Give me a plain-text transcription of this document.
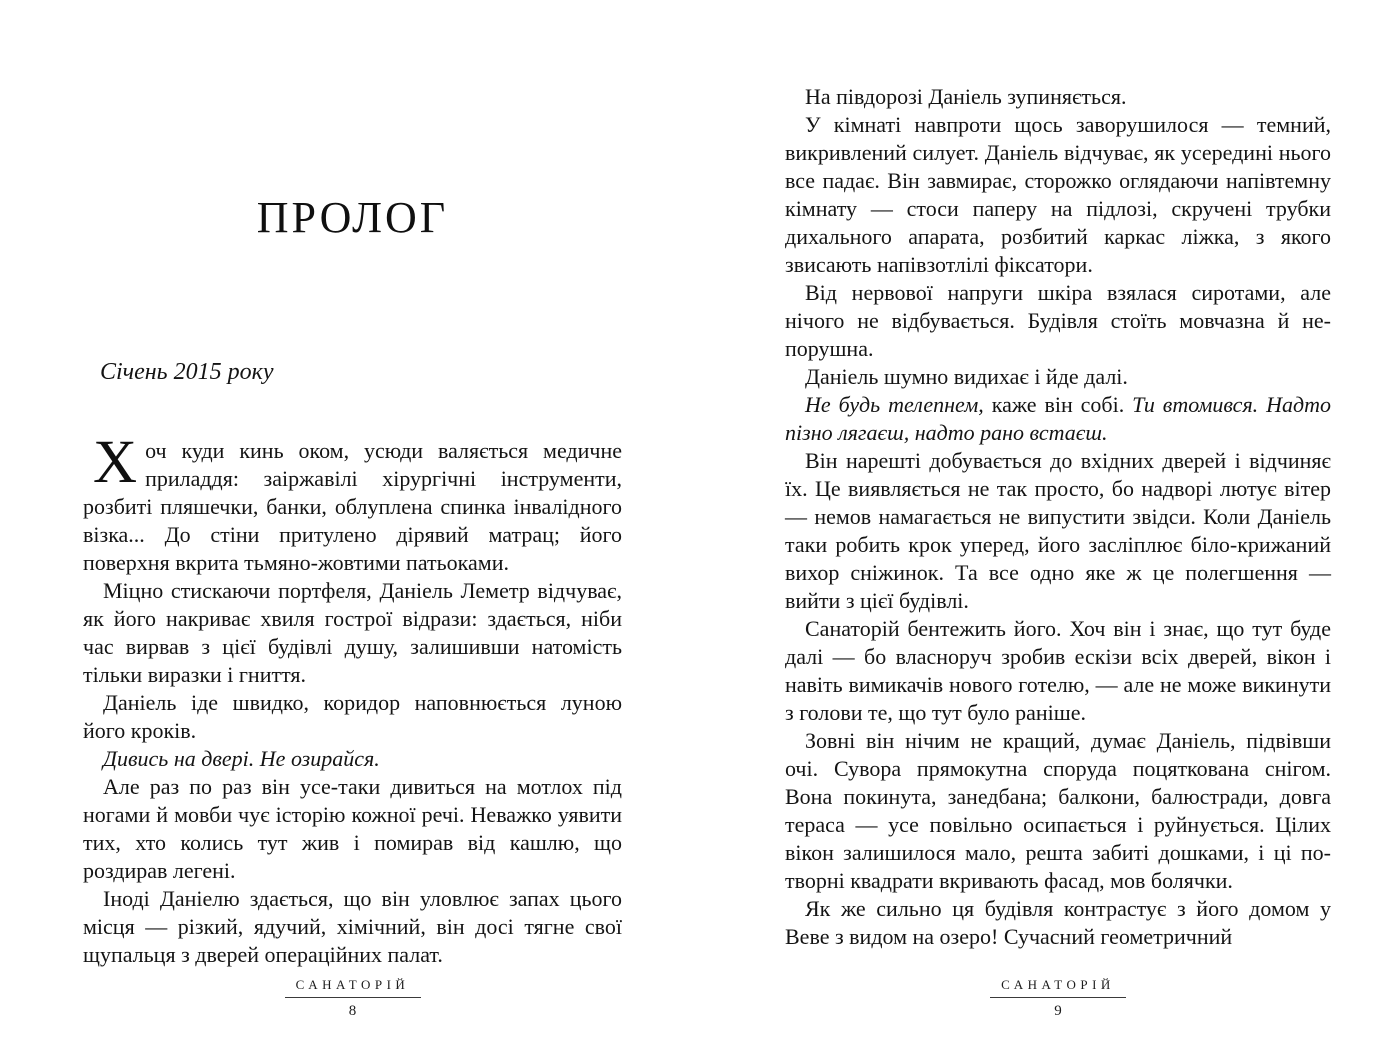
ПРОЛОГ
Січень 2015 року

Хоч куди кинь оком, усюди валяється медичне приладдя: заіржавілі хірургічні інструменти, розбиті пляшечки, банки, облуплена спинка інвалідного візка... До стіни притулено дірявий матрац; його поверхня вкрита тьмяно-жовтими патьоками.

Міцно стискаючи портфеля, Даніель Леметр відчуває, як його накриває хвиля гострої відрази: здається, ніби час вирвав з цієї будівлі душу, залишивши натомість тільки виразки і гниття.

Даніель іде швидко, коридор наповнюється луною його кроків.

Дивись на двері. Не озирайся.

Але раз по раз він усе-таки дивиться на мотлох під ногами й мовби чує історію кожної речі. Неважко уявити тих, хто колись тут жив і помирав від кашлю, що роздирав легені.

Іноді Даніелю здається, що він уловлює запах цього місця — різкий, ядучий, хімічний, він досі тягне свої щупальця з дверей операційних палат.

САНАТОРІЙ
8

На півдорозі Даніель зупиняється.

У кімнаті навпроти щось заворушилося — темний, викривлений силует. Даніель відчуває, як усередині нього все падає. Він завмирає, сторожко оглядаючи напівтемну кімнату — стоси паперу на підлозі, скручені трубки дихального апарата, розбитий каркас ліжка, з якого звисають напівзотлілі фіксатори.

Від нервової напруги шкіра взялася сиротами, але нічого не відбувається. Будівля стоїть мовчазна й непорушна.

Даніель шумно видихає і йде далі.

Не будь телепнем, каже він собі. Ти втомився. Надто пізно лягаєш, надто рано встаєш.

Він нарешті добувається до вхідних дверей і відчиняє їх. Це виявляється не так просто, бо надворі лютує вітер — немов намагається не випустити звідси. Коли Даніель таки робить крок уперед, його засліплює біло-крижаний вихор сніжинок. Та все одно яке ж це полегшення — вийти з цієї будівлі.

Санаторій бентежить його. Хоч він і знає, що тут буде далі — бо власноруч зробив ескізи всіх дверей, вікон і навіть вимикачів нового готелю, — але не може викинути з голови те, що тут було раніше.

Зовні він нічим не кращий, думає Даніель, підвівши очі. Сувора прямокутна споруда поцяткована снігом. Вона покинута, занедбана; балкони, балюстради, довга тераса — усе повільно осипається і руйнується. Цілих вікон залишилося мало, решта забиті дошками, і ці потворні квадрати вкривають фасад, мов болячки.

Як же сильно ця будівля контрастує з його домом у Веве з видом на озеро! Сучасний геометричний

САНАТОРІЙ
9
